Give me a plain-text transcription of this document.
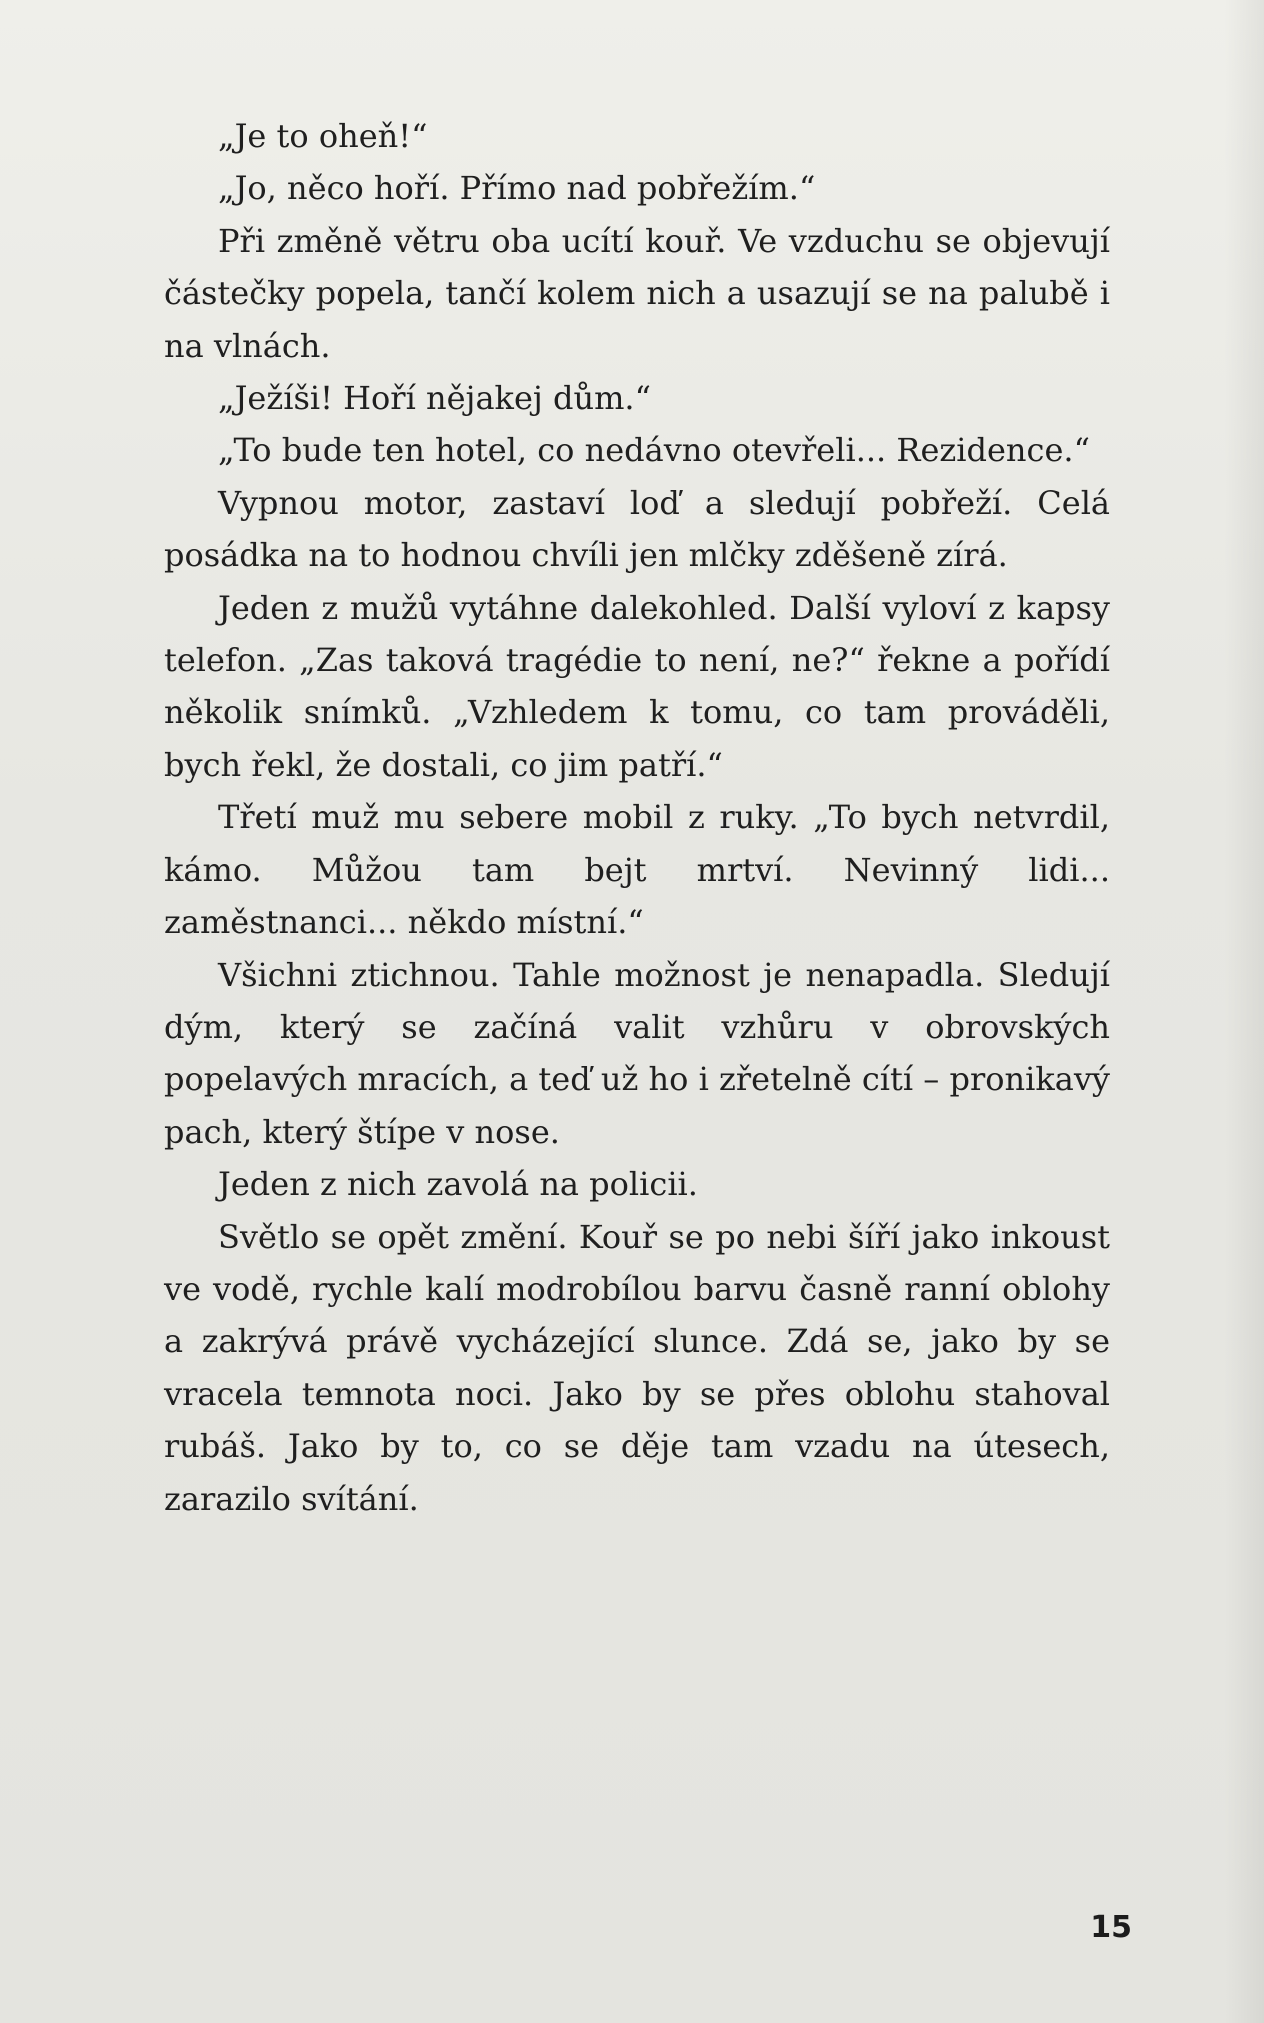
„Je to oheň!“

„Jo, něco hoří. Přímo nad pobřežím.“

Při změně větru oba ucítí kouř. Ve vzduchu se objevují částečky popela, tančí kolem nich a usazují se na palubě i na vlnách.

„Ježíši! Hoří nějakej dům.“

„To bude ten hotel, co nedávno otevřeli... Rezidence.“

Vypnou motor, zastaví loď a sledují pobřeží. Celá posádka na to hodnou chvíli jen mlčky zděšeně zírá.

Jeden z mužů vytáhne dalekohled. Další vyloví z kapsy telefon. „Zas taková tragédie to není, ne?“ řekne a pořídí několik snímků. „Vzhledem k tomu, co tam prováděli, bych řekl, že dostali, co jim patří.“

Třetí muž mu sebere mobil z ruky. „To bych netvrdil, kámo. Můžou tam bejt mrtví. Nevinný lidi... zaměstnanci... někdo místní.“

Všichni ztichnou. Tahle možnost je nenapadla. Sledují dým, který se začíná valit vzhůru v obrovských popelavých mracích, a teď už ho i zřetelně cítí – pronikavý pach, který štípe v nose.

Jeden z nich zavolá na policii.

Světlo se opět změní. Kouř se po nebi šíří jako inkoust ve vodě, rychle kalí modrobílou barvu časně ranní oblohy a zakrývá právě vycházející slunce. Zdá se, jako by se vracela temnota noci. Jako by se přes oblohu stahoval rubáš. Jako by to, co se děje tam vzadu na útesech, zarazilo svítání.

15
